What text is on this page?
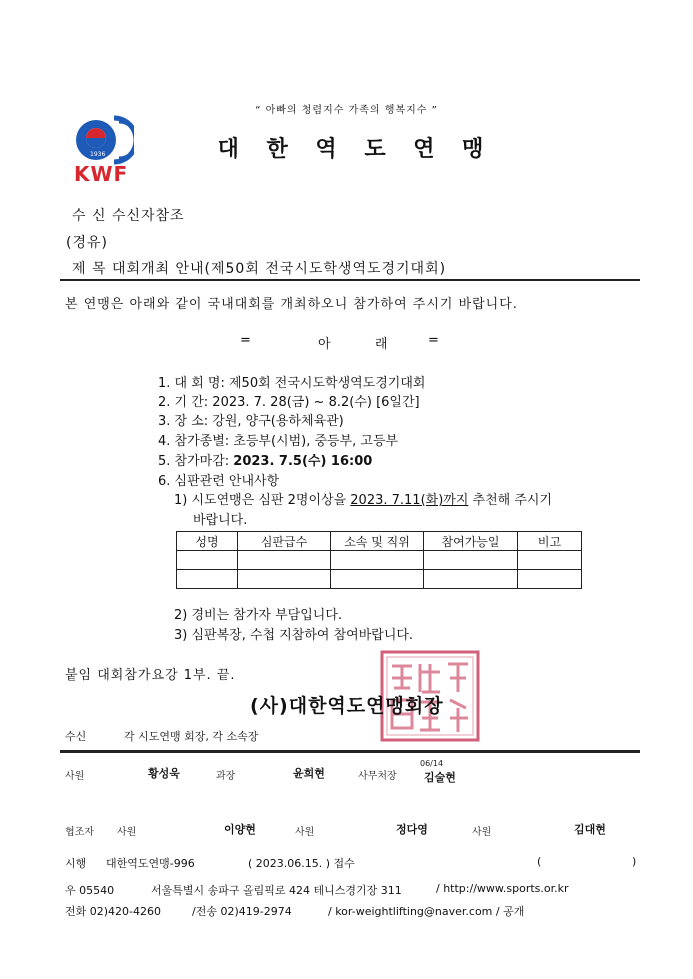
“ 아빠의 청렴지수 가족의 행복지수 ”
1936
KWF
대 한 역 도 연 맹
수 신 수신자참조
(경유)
제 목 대회개최 안내(제50회 전국시도학생역도경기대회)
본 연맹은 아래와 같이 국내대회를 개최하오니 참가하여 주시기 바랍니다.
=	아	래	=
1. 대 회 명: 제50회 전국시도학생역도경기대회
2. 기 간: 2023. 7. 28(금) ~ 8.2(수) [6일간]
3. 장 소: 강원, 양구(용하체육관)
4. 참가종별: 초등부(시범), 중등부, 고등부
5. 참가마감: 2023. 7.5(수) 16:00
6. 심판관련 안내사항
1) 시도연맹은 심판 2명이상을 2023. 7.11(화)까지 추천해 주시기
바랍니다.
성명	심판급수	소속 및 직위	참여가능일	비고

2) 경비는 참가자 부담입니다.
3) 심판복장, 수첩 지참하여 참여바랍니다.
붙임 대회참가요강 1부. 끝.
(사)대한역도연맹회장
수신	각 시도연맹 회장, 각 소속장
사원	황성욱	과장	윤희현	사무처장
06/14
김술현
협조자 사원	이양현	사원	정다영	사원	김대현
시행 대한역도연맹-996	( 2023.06.15. ) 접수	(	)
우 05540	서울특별시 송파구 올림픽로 424 테니스경기장 311	/ http://www.sports.or.kr
전화 02)420-4260	/전송 02)419-2974	/ kor-weightlifting@naver.com / 공개
